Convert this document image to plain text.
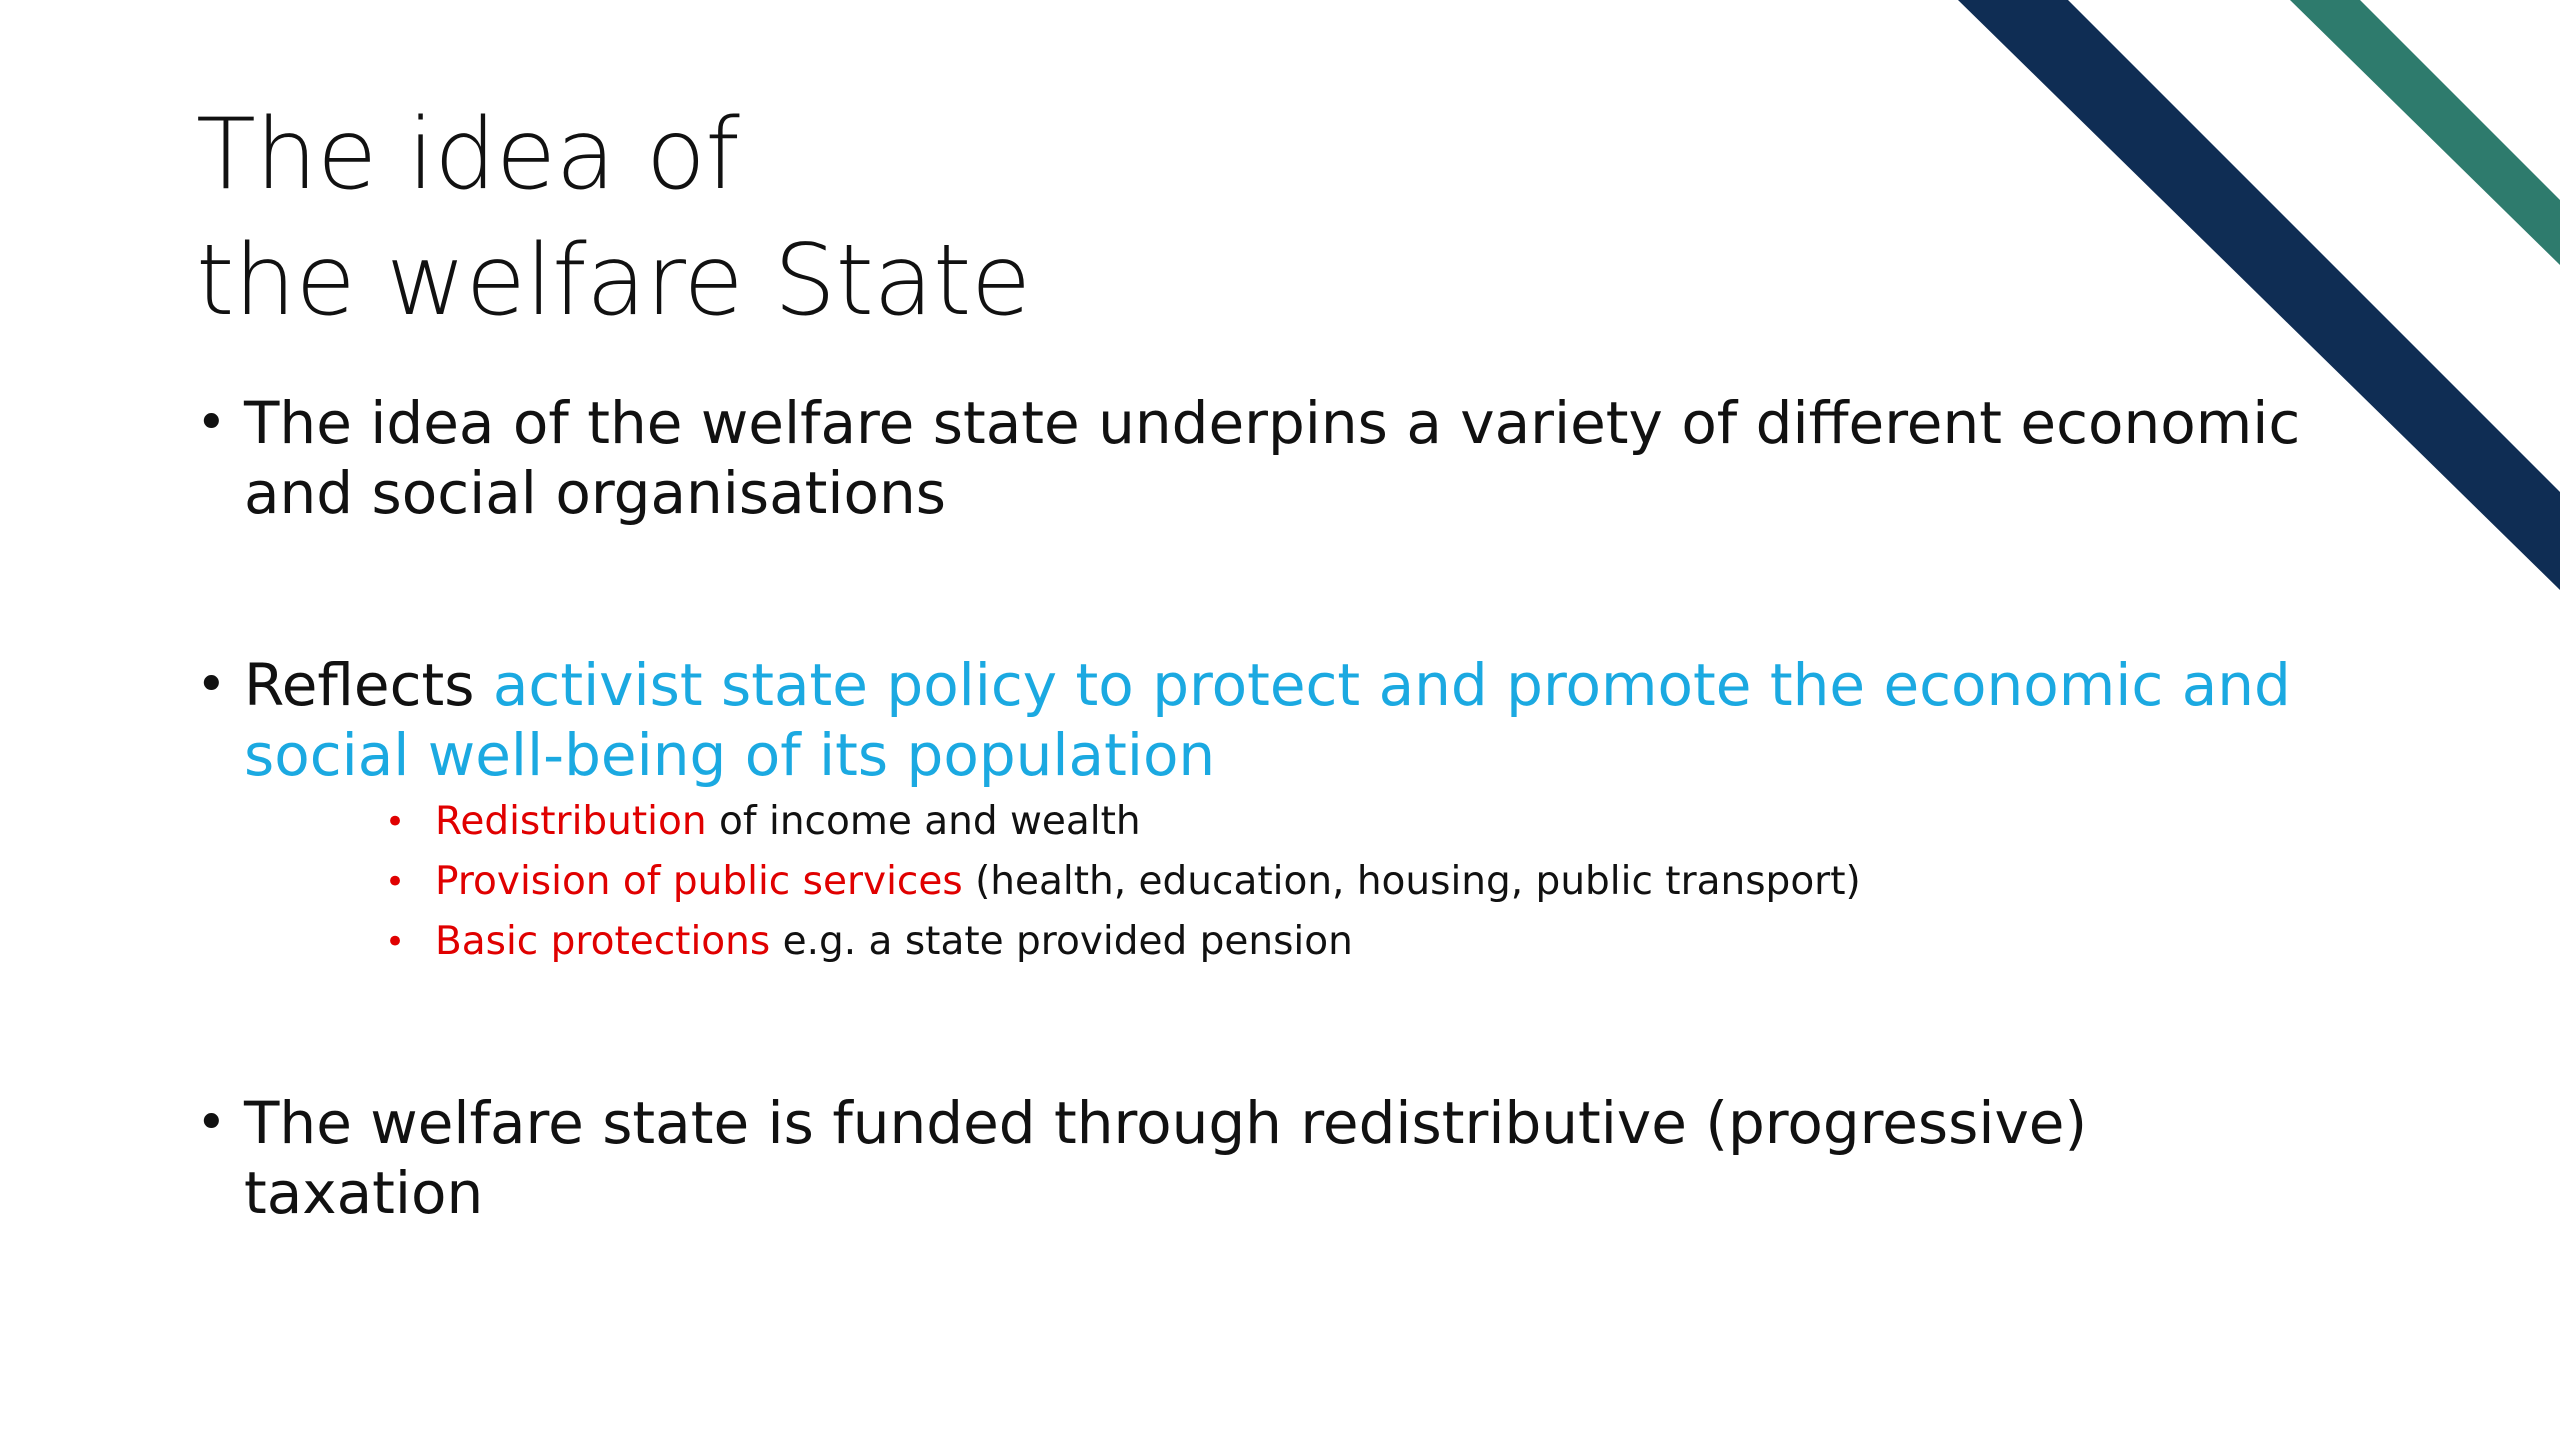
The idea of
the welfare State
• The idea of the welfare state underpins a variety of different economic and social organisations
• Reflects activist state policy to protect and promote the economic and social well-being of its population
• Redistribution of income and wealth
• Provision of public services (health, education, housing, public transport)
• Basic protections e.g. a state provided pension
• The welfare state is funded through redistributive (progressive) taxation
